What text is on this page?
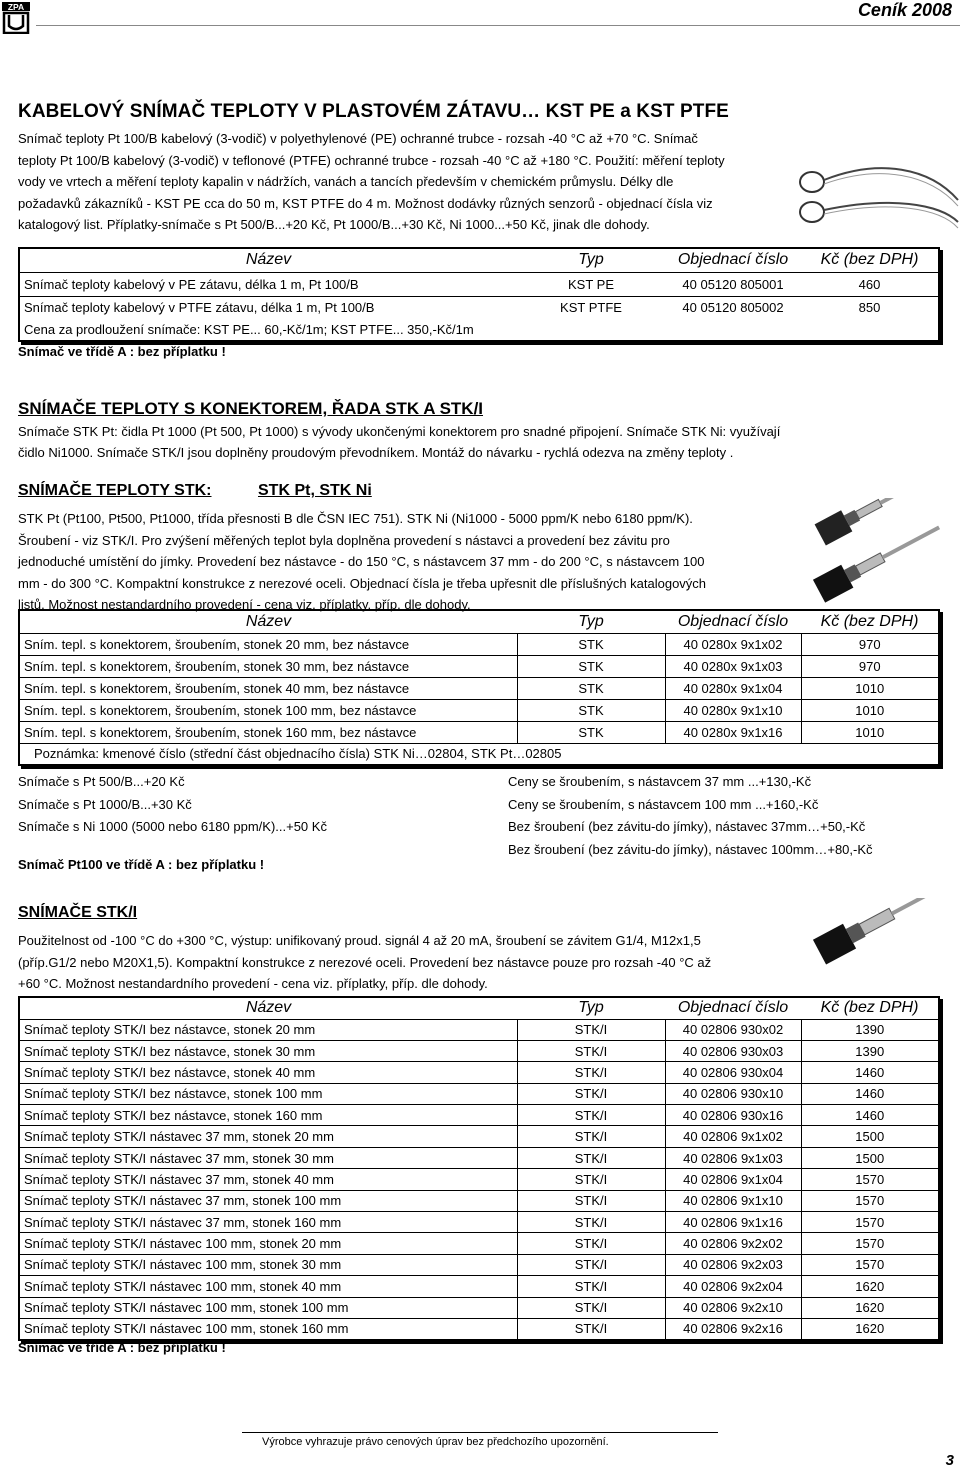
ZPA	Ceník 2008
KABELOVÝ SNÍMAČ TEPLOTY V PLASTOVÉM ZÁTAVU… KST PE a KST PTFE

Snímač teploty Pt 100/B kabelový (3-vodič) v polyethylenové (PE) ochranné trubce - rozsah -40 °C až +70 °C. Snímač

teploty Pt 100/B kabelový (3-vodič) v teflonové (PTFE) ochranné trubce - rozsah -40 °C až +180 °C. Použití: měření teploty

vody ve vrtech a měření teploty kapalin v nádržích, vanách a tancích především v chemickém průmyslu. Délky dle

požadavků zákazníků - KST PE cca do 50 m, KST PTFE do 4 m. Možnost dodávky různých senzorů - objednací čísla viz

katalogový list. Příplatky-snímače s Pt 500/B...+20 Kč, Pt 1000/B...+30 Kč, Ni 1000...+50 Kč, jinak dle dohody.

Název	Typ	Objednací číslo	Kč (bez DPH)
Snímač teploty kabelový v PE zátavu, délka 1 m, Pt 100/B	KST PE	40 05120 805001	460
Snímač teploty kabelový v PTFE zátavu, délka 1 m, Pt 100/B	KST PTFE	40 05120 805002	850
Cena za prodloužení snímače: KST PE... 60,-Kč/1m; KST PTFE... 350,-Kč/1m			
Snímač ve třídě A : bez příplatku !
SNÍMAČE TEPLOTY S KONEKTOREM, ŘADA STK A STK/I

Snímače STK Pt: čidla Pt 1000 (Pt 500, Pt 1000) s vývody ukončenými konektorem pro snadné připojení. Snímače STK Ni: využívají

čidlo Ni1000. Snímače STK/I jsou doplněny proudovým převodníkem. Montáž do návarku - rychlá odezva na změny teploty .

SNÍMAČE TEPLOTY STK:	STK Pt, STK Ni

STK Pt (Pt100, Pt500, Pt1000, třída přesnosti B dle ČSN IEC 751). STK Ni (Ni1000 - 5000 ppm/K nebo 6180 ppm/K).

Šroubení - viz STK/I. Pro zvýšení měřených teplot byla doplněna provedení s nástavci a provedení bez závitu pro

jednoduché umístění do jímky. Provedení bez nástavce - do 150 °C, s nástavcem 37 mm - do 200 °C, s nástavcem 100

mm - do 300 °C. Kompaktní konstrukce z nerezové oceli. Objednací čísla je třeba upřesnit dle příslušných katalogových

listů. Možnost nestandardního provedení - cena viz. příplatky, příp. dle dohody.

Název	Typ	Objednací číslo	Kč (bez DPH)
Sním. tepl. s konektorem, šroubením, stonek 20 mm, bez nástavce	STK	40 0280x 9x1x02	970
Sním. tepl. s konektorem, šroubením, stonek 30 mm, bez nástavce	STK	40 0280x 9x1x03	970
Sním. tepl. s konektorem, šroubením, stonek 40 mm, bez nástavce	STK	40 0280x 9x1x04	1010
Sním. tepl. s konektorem, šroubením, stonek 100 mm, bez nástavce	STK	40 0280x 9x1x10	1010
Sním. tepl. s konektorem, šroubením, stonek 160 mm, bez nástavce	STK	40 0280x 9x1x16	1010
Poznámka: kmenové číslo (střední část objednacího čísla) STK Ni…02804, STK Pt…02805			
Snímače s Pt 500/B...+20 Kč
Snímače s Pt 1000/B...+30 Kč
Snímače s Ni 1000 (5000 nebo 6180 ppm/K)...+50 Kč
Ceny se šroubením, s nástavcem 37 mm ...+130,-Kč
Ceny se šroubením, s nástavcem 100 mm ...+160,-Kč
Bez šroubení (bez závitu-do jímky), nástavec 37mm…+50,-Kč
Bez šroubení (bez závitu-do jímky), nástavec 100mm…+80,-Kč
Snímač Pt100 ve třídě A : bez příplatku !
SNÍMAČE STK/I

Použitelnost od -100 °C do +300 °C, výstup: unifikovaný proud. signál 4 až 20 mA, šroubení se závitem G1/4, M12x1,5

(příp.G1/2 nebo M20X1,5). Kompaktní konstrukce z nerezové oceli. Provedení bez nástavce pouze pro rozsah -40 °C až

+60 °C. Možnost nestandardního provedení - cena viz. příplatky, příp. dle dohody.

Název	Typ	Objednací číslo	Kč (bez DPH)
Snímač teploty STK/I bez nástavce, stonek 20 mm	STK/I	40 02806 930x02	1390
Snímač teploty STK/I bez nástavce, stonek 30 mm	STK/I	40 02806 930x03	1390
Snímač teploty STK/I bez nástavce, stonek 40 mm	STK/I	40 02806 930x04	1460
Snímač teploty STK/I bez nástavce, stonek 100 mm	STK/I	40 02806 930x10	1460
Snímač teploty STK/I bez nástavce, stonek 160 mm	STK/I	40 02806 930x16	1460
Snímač teploty STK/I nástavec 37 mm, stonek 20 mm	STK/I	40 02806 9x1x02	1500
Snímač teploty STK/I nástavec 37 mm, stonek 30 mm	STK/I	40 02806 9x1x03	1500
Snímač teploty STK/I nástavec 37 mm, stonek 40 mm	STK/I	40 02806 9x1x04	1570
Snímač teploty STK/I nástavec 37 mm, stonek 100 mm	STK/I	40 02806 9x1x10	1570
Snímač teploty STK/I nástavec 37 mm, stonek 160 mm	STK/I	40 02806 9x1x16	1570
Snímač teploty STK/I nástavec 100 mm, stonek 20 mm	STK/I	40 02806 9x2x02	1570
Snímač teploty STK/I nástavec 100 mm, stonek 30 mm	STK/I	40 02806 9x2x03	1570
Snímač teploty STK/I nástavec 100 mm, stonek 40 mm	STK/I	40 02806 9x2x04	1620
Snímač teploty STK/I nástavec 100 mm, stonek 100 mm	STK/I	40 02806 9x2x10	1620
Snímač teploty STK/I nástavec 100 mm, stonek 160 mm	STK/I	40 02806 9x2x16	1620
Snímač ve třídě A : bez příplatku !
Výrobce vyhrazuje právo cenových úprav bez předchozího upozornění.
3
